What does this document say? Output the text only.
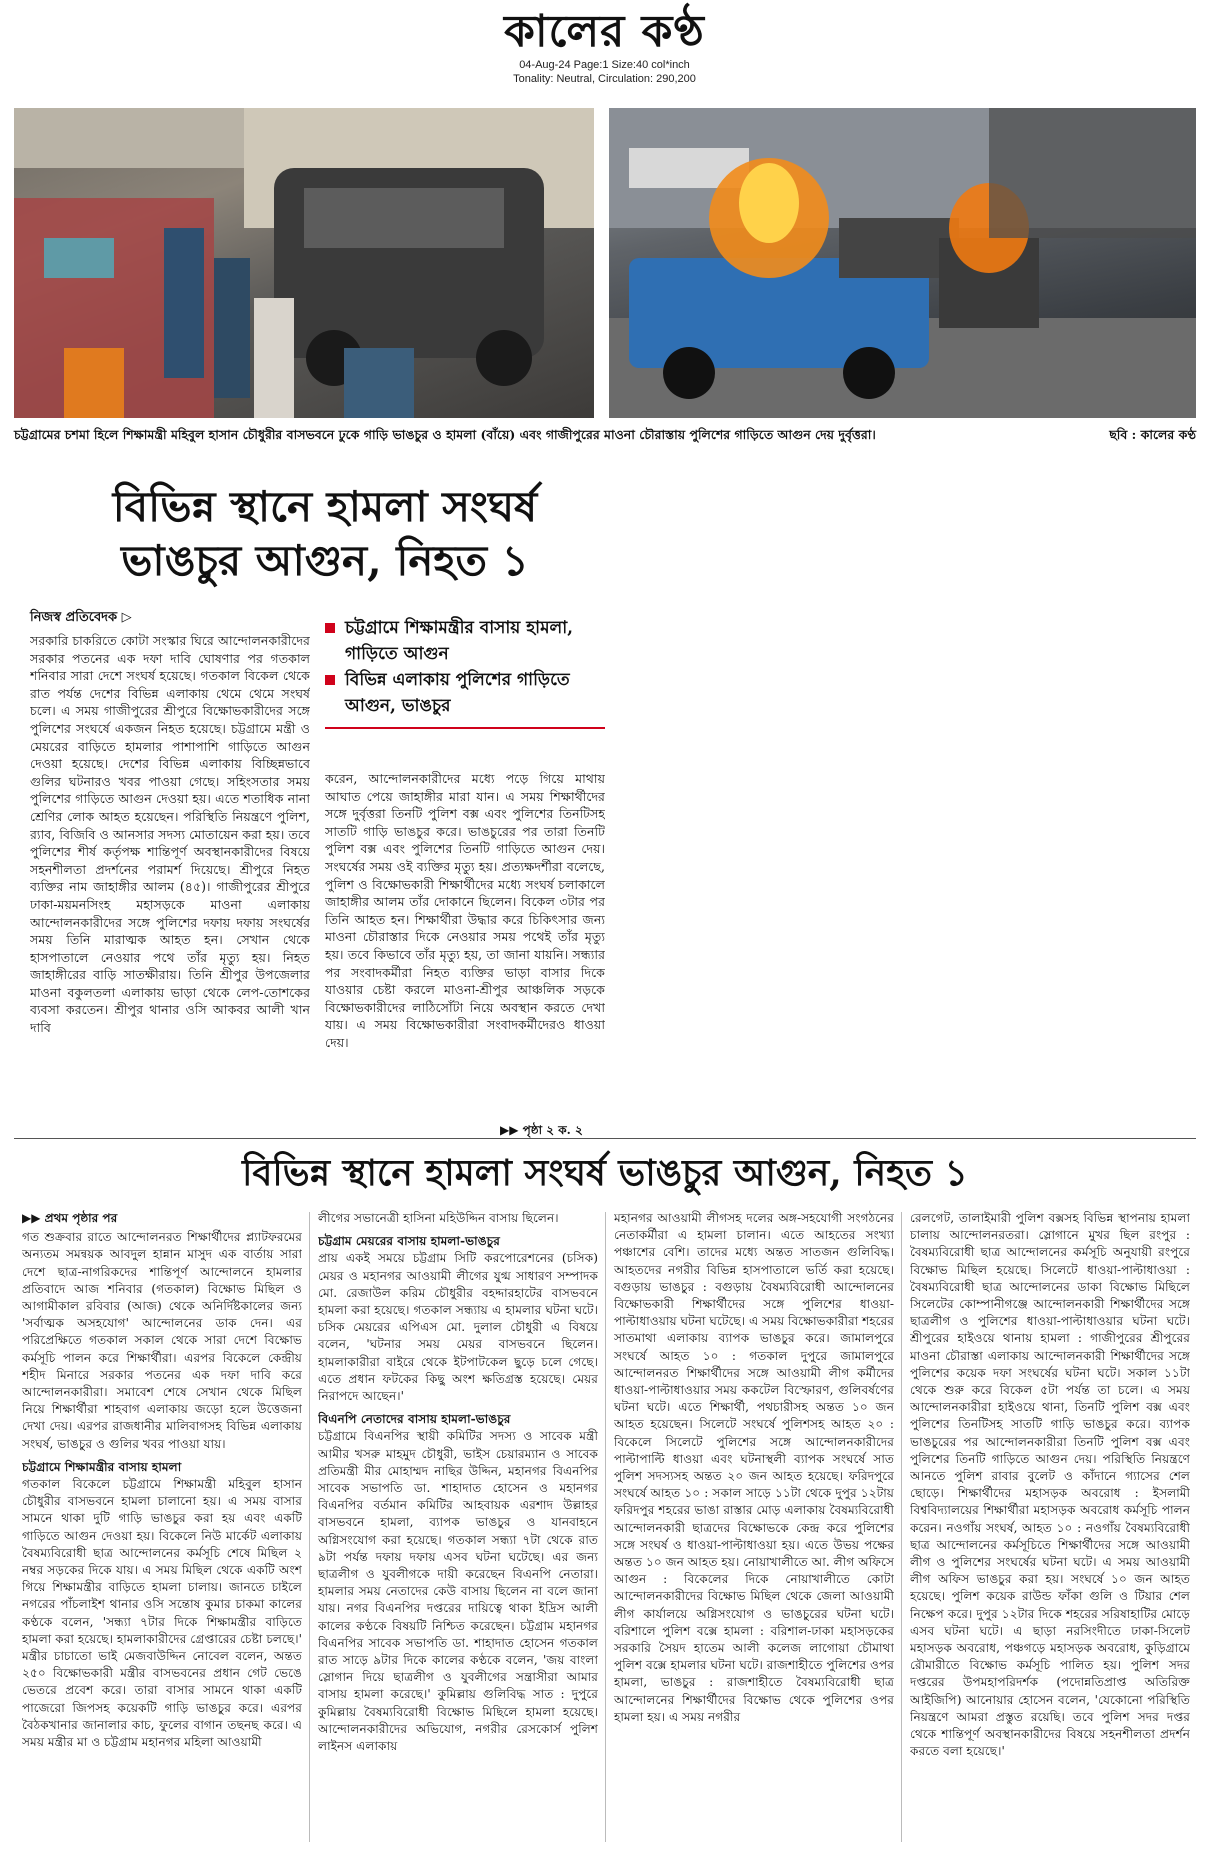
কালের কণ্ঠ
04-Aug-24 Page:1 Size:40 col*inch
Tonality: Neutral, Circulation: 290,200
চট্টগ্রামের চশমা হিলে শিক্ষামন্ত্রী মহিবুল হাসান চৌধুরীর বাসভবনে ঢুকে গাড়ি ভাঙচুর ও হামলা (বাঁয়ে) এবং গাজীপুরের মাওনা চৌরাস্তায় পুলিশের গাড়িতে আগুন দেয় দুর্বৃত্তরা।	ছবি : কালের কণ্ঠ
বিভিন্ন স্থানে হামলা সংঘর্ষ
ভাঙচুর আগুন, নিহত ১
নিজস্ব প্রতিবেদক ▷
চট্টগ্রামে শিক্ষামন্ত্রীর বাসায় হামলা, গাড়িতে আগুন
বিভিন্ন এলাকায় পুলিশের গাড়িতে আগুন, ভাঙচুর

সরকারি চাকরিতে কোটা সংস্কার ঘিরে আন্দোলনকারীদের সরকার পতনের এক দফা দাবি ঘোষণার পর গতকাল শনিবার সারা দেশে সংঘর্ষ হয়েছে। গতকাল বিকেল থেকে রাত পর্যন্ত দেশের বিভিন্ন এলাকায় থেমে থেমে সংঘর্ষ চলে। এ সময় গাজীপুরের শ্রীপুরে বিক্ষোভকারীদের সঙ্গে পুলিশের সংঘর্ষে একজন নিহত হয়েছে। চট্টগ্রামে মন্ত্রী ও মেয়রের বাড়িতে হামলার পাশাপাশি গাড়িতে আগুন দেওয়া হয়েছে। দেশের বিভিন্ন এলাকায় বিচ্ছিন্নভাবে গুলির ঘটনারও খবর পাওয়া গেছে। সহিংসতার সময় পুলিশের গাড়িতে আগুন দেওয়া হয়। এতে শতাধিক নানা শ্রেণির লোক আহত হয়েছেন। পরিস্থিতি নিয়ন্ত্রণে পুলিশ, র‍্যাব, বিজিবি ও আনসার সদস্য মোতায়েন করা হয়। তবে পুলিশের শীর্ষ কর্তৃপক্ষ শান্তিপূর্ণ অবস্থানকারীদের বিষয়ে সহনশীলতা প্রদর্শনের পরামর্শ দিয়েছে। শ্রীপুরে নিহত ব্যক্তির নাম জাহাঙ্গীর আলম (৪৫)। গাজীপুরের শ্রীপুরে ঢাকা-ময়মনসিংহ মহাসড়কে মাওনা এলাকায় আন্দোলনকারীদের সঙ্গে পুলিশের দফায় দফায় সংঘর্ষের সময় তিনি মারাত্মক আহত হন। সেখান থেকে হাসপাতালে নেওয়ার পথে তাঁর মৃত্যু হয়। নিহত জাহাঙ্গীরের বাড়ি সাতক্ষীরায়। তিনি শ্রীপুর উপজেলার মাওনা বকুলতলা এলাকায় ভাড়া থেকে লেপ-তোশকের ব্যবসা করতেন। শ্রীপুর থানার ওসি আকবর আলী খান দাবি

করেন, আন্দোলনকারীদের মধ্যে পড়ে গিয়ে মাথায় আঘাত পেয়ে জাহাঙ্গীর মারা যান। এ সময় শিক্ষার্থীদের সঙ্গে দুর্বৃত্তরা তিনটি পুলিশ বক্স এবং পুলিশের তিনটিসহ সাতটি গাড়ি ভাঙচুর করে। ভাঙচুরের পর তারা তিনটি পুলিশ বক্স এবং পুলিশের তিনটি গাড়িতে আগুন দেয়। সংঘর্ষের সময় ওই ব্যক্তির মৃত্যু হয়। প্রত্যক্ষদর্শীরা বলেছে, পুলিশ ও বিক্ষোভকারী শিক্ষার্থীদের মধ্যে সংঘর্ষ চলাকালে জাহাঙ্গীর আলম তাঁর দোকানে ছিলেন। বিকেল ৩টার পর তিনি আহত হন। শিক্ষার্থীরা উদ্ধার করে চিকিৎসার জন্য মাওনা চৌরাস্তার দিকে নেওয়ার সময় পথেই তাঁর মৃত্যু হয়। তবে কিভাবে তাঁর মৃত্যু হয়, তা জানা যায়নি। সন্ধ্যার পর সংবাদকর্মীরা নিহত ব্যক্তির ভাড়া বাসার দিকে যাওয়ার চেষ্টা করলে মাওনা-শ্রীপুর আঞ্চলিক সড়কে বিক্ষোভকারীদের লাঠিসোঁটা নিয়ে অবস্থান করতে দেখা যায়। এ সময় বিক্ষোভকারীরা সংবাদকর্মীদেরও ধাওয়া দেয়।

▶▶ পৃষ্ঠা ২ ক. ২
বিভিন্ন স্থানে হামলা সংঘর্ষ ভাঙচুর আগুন, নিহত ১
▶▶ প্রথম পৃষ্ঠার পর

গত শুক্রবার রাতে আন্দোলনরত শিক্ষার্থীদের প্ল্যাটফরমের অন্যতম সমন্বয়ক আবদুল হান্নান মাসুদ এক বার্তায় সারা দেশে ছাত্র-নাগরিকদের শান্তিপূর্ণ আন্দোলনে হামলার প্রতিবাদে আজ শনিবার (গতকাল) বিক্ষোভ মিছিল ও আগামীকাল রবিবার (আজ) থেকে অনির্দিষ্টকালের জন্য 'সর্বাত্মক অসহযোগ' আন্দোলনের ডাক দেন। এর পরিপ্রেক্ষিতে গতকাল সকাল থেকে সারা দেশে বিক্ষোভ কর্মসূচি পালন করে শিক্ষার্থীরা। এরপর বিকেলে কেন্দ্রীয় শহীদ মিনারে সরকার পতনের এক দফা দাবি করে আন্দোলনকারীরা। সমাবেশ শেষে সেখান থেকে মিছিল নিয়ে শিক্ষার্থীরা শাহবাগ এলাকায় জড়ো হলে উত্তেজনা দেখা দেয়। এরপর রাজধানীর মালিবাগসহ বিভিন্ন এলাকায় সংঘর্ষ, ভাঙচুর ও গুলির খবর পাওয়া যায়।

চট্টগ্রামে শিক্ষামন্ত্রীর বাসায় হামলা

গতকাল বিকেলে চট্টগ্রামে শিক্ষামন্ত্রী মহিবুল হাসান চৌধুরীর বাসভবনে হামলা চালানো হয়। এ সময় বাসার সামনে থাকা দুটি গাড়ি ভাঙচুর করা হয় এবং একটি গাড়িতে আগুন দেওয়া হয়। বিকেলে নিউ মার্কেট এলাকায় বৈষম্যবিরোধী ছাত্র আন্দোলনের কর্মসূচি শেষে মিছিল ২ নম্বর সড়কের দিকে যায়। এ সময় মিছিল থেকে একটি অংশ গিয়ে শিক্ষামন্ত্রীর বাড়িতে হামলা চালায়। জানতে চাইলে নগরের পাঁচলাইশ থানার ওসি সন্তোষ কুমার চাকমা কালের কণ্ঠকে বলেন, 'সন্ধ্যা ৭টার দিকে শিক্ষামন্ত্রীর বাড়িতে হামলা করা হয়েছে। হামলাকারীদের গ্রেপ্তারের চেষ্টা চলছে।' মন্ত্রীর চাচাতো ভাই মেজবাউদ্দিন নোবেল বলেন, অন্তত ২৫০ বিক্ষোভকারী মন্ত্রীর বাসভবনের প্রধান গেট ভেঙে ভেতরে প্রবেশ করে। তারা বাসার সামনে থাকা একটি পাজেরো জিপসহ কয়েকটি গাড়ি ভাঙচুর করে। এরপর বৈঠকখানার জানালার কাচ, ফুলের বাগান তছনছ করে। এ সময় মন্ত্রীর মা ও চট্টগ্রাম মহানগর মহিলা আওয়ামী

লীগের সভানেত্রী হাসিনা মহিউদ্দিন বাসায় ছিলেন।

চট্টগ্রাম মেয়রের বাসায় হামলা-ভাঙচুর

প্রায় একই সময়ে চট্টগ্রাম সিটি করপোরেশনের (চসিক) মেয়র ও মহানগর আওয়ামী লীগের যুগ্ম সাধারণ সম্পাদক মো. রেজাউল করিম চৌধুরীর বহদ্দারহাটের বাসভবনে হামলা করা হয়েছে। গতকাল সন্ধ্যায় এ হামলার ঘটনা ঘটে। চসিক মেয়রের এপিএস মো. দুলাল চৌধুরী এ বিষয়ে বলেন, 'ঘটনার সময় মেয়র বাসভবনে ছিলেন। হামলাকারীরা বাইরে থেকে ইটপাটকেল ছুড়ে চলে গেছে। এতে প্রধান ফটকের কিছু অংশ ক্ষতিগ্রস্ত হয়েছে। মেয়র নিরাপদে আছেন।'

বিএনপি নেতাদের বাসায় হামলা-ভাঙচুর

চট্টগ্রামে বিএনপির স্থায়ী কমিটির সদস্য ও সাবেক মন্ত্রী আমীর খসরু মাহমুদ চৌধুরী, ভাইস চেয়ারম্যান ও সাবেক প্রতিমন্ত্রী মীর মোহাম্মদ নাছির উদ্দিন, মহানগর বিএনপির সাবেক সভাপতি ডা. শাহাদাত হোসেন ও মহানগর বিএনপির বর্তমান কমিটির আহবায়ক এরশাদ উল্লাহর বাসভবনে হামলা, ব্যাপক ভাঙচুর ও যানবাহনে অগ্নিসংযোগ করা হয়েছে। গতকাল সন্ধ্যা ৭টা থেকে রাত ৯টা পর্যন্ত দফায় দফায় এসব ঘটনা ঘটেছে। এর জন্য ছাত্রলীগ ও যুবলীগকে দায়ী করেছেন বিএনপি নেতারা। হামলার সময় নেতাদের কেউ বাসায় ছিলেন না বলে জানা যায়। নগর বিএনপির দপ্তরের দায়িত্বে থাকা ইদ্রিস আলী কালের কণ্ঠকে বিষয়টি নিশ্চিত করেছেন। চট্টগ্রাম মহানগর বিএনপির সাবেক সভাপতি ডা. শাহাদাত হোসেন গতকাল রাত সাড়ে ৯টার দিকে কালের কণ্ঠকে বলেন, 'জয় বাংলা স্লোগান দিয়ে ছাত্রলীগ ও যুবলীগের সন্ত্রাসীরা আমার বাসায় হামলা করেছে।' কুমিল্লায় গুলিবিদ্ধ সাত : দুপুরে কুমিল্লায় বৈষম্যবিরোধী বিক্ষোভ মিছিলে হামলা হয়েছে। আন্দোলনকারীদের অভিযোগ, নগরীর রেসকোর্স পুলিশ লাইনস এলাকায়

মহানগর আওয়ামী লীগসহ দলের অঙ্গ-সহযোগী সংগঠনের নেতাকর্মীরা এ হামলা চালান। এতে আহতের সংখ্যা পঞ্চাশের বেশি। তাদের মধ্যে অন্তত সাতজন গুলিবিদ্ধ। আহতদের নগরীর বিভিন্ন হাসপাতালে ভর্তি করা হয়েছে। বগুড়ায় ভাঙচুর : বগুড়ায় বৈষম্যবিরোধী আন্দোলনের বিক্ষোভকারী শিক্ষার্থীদের সঙ্গে পুলিশের ধাওয়া-পাল্টাধাওয়ায় ঘটনা ঘটেছে। এ সময় বিক্ষোভকারীরা শহরের সাতমাথা এলাকায় ব্যাপক ভাঙচুর করে। জামালপুরে সংঘর্ষে আহত ১০ : গতকাল দুপুরে জামালপুরে আন্দোলনরত শিক্ষার্থীদের সঙ্গে আওয়ামী লীগ কর্মীদের ধাওয়া-পাল্টাধাওয়ার সময় ককটেল বিস্ফোরণ, গুলিবর্ষণের ঘটনা ঘটে। এতে শিক্ষার্থী, পথচারীসহ অন্তত ১০ জন আহত হয়েছেন। সিলেটে সংঘর্ষে পুলিশসহ আহত ২০ : বিকেলে সিলেটে পুলিশের সঙ্গে আন্দোলনকারীদের পাল্টাপাল্টি ধাওয়া এবং ঘটনাস্থলী ব্যাপক সংঘর্ষে সাত পুলিশ সদস্যসহ অন্তত ২০ জন আহত হয়েছে। ফরিদপুরে সংঘর্ষে আহত ১০ : সকাল সাড়ে ১১টা থেকে দুপুর ১২টায় ফরিদপুর শহরের ভাঙা রাস্তার মোড় এলাকায় বৈষম্যবিরোধী আন্দোলনকারী ছাত্রদের বিক্ষোভকে কেন্দ্র করে পুলিশের সঙ্গে সংঘর্ষ ও ধাওয়া-পাল্টাধাওয়া হয়। এতে উভয় পক্ষের অন্তত ১০ জন আহত হয়। নোয়াখালীতে আ. লীগ অফিসে আগুন : বিকেলের দিকে নোয়াখালীতে কোটা আন্দোলনকারীদের বিক্ষোভ মিছিল থেকে জেলা আওয়ামী লীগ কার্যালয়ে অগ্নিসংযোগ ও ভাঙচুরের ঘটনা ঘটে। বরিশালে পুলিশ বক্সে হামলা : বরিশাল-ঢাকা মহাসড়কের সরকারি সৈয়দ হাতেম আলী কলেজ লাগোয়া চৌমাথা পুলিশ বক্সে হামলার ঘটনা ঘটে। রাজশাহীতে পুলিশের ওপর হামলা, ভাঙচুর : রাজশাহীতে বৈষম্যবিরোধী ছাত্র আন্দোলনের শিক্ষার্থীদের বিক্ষোভ থেকে পুলিশের ওপর হামলা হয়। এ সময় নগরীর

রেলগেট, তালাইমারী পুলিশ বক্সসহ বিভিন্ন স্থাপনায় হামলা চালায় আন্দোলনরতরা। স্লোগানে মুখর ছিল রংপুর : বৈষম্যবিরোধী ছাত্র আন্দোলনের কর্মসূচি অনুযায়ী রংপুরে বিক্ষোভ মিছিল হয়েছে। সিলেটে ধাওয়া-পাল্টাধাওয়া : বৈষম্যবিরোধী ছাত্র আন্দোলনের ডাকা বিক্ষোভ মিছিলে সিলেটের কোম্পানীগঞ্জে আন্দোলনকারী শিক্ষার্থীদের সঙ্গে ছাত্রলীগ ও পুলিশের ধাওয়া-পাল্টাধাওয়ার ঘটনা ঘটে। শ্রীপুরের হাইওয়ে থানায় হামলা : গাজীপুরের শ্রীপুরের মাওনা চৌরাস্তা এলাকায় আন্দোলনকারী শিক্ষার্থীদের সঙ্গে পুলিশের কয়েক দফা সংঘর্ষের ঘটনা ঘটে। সকাল ১১টা থেকে শুরু করে বিকেল ৫টা পর্যন্ত তা চলে। এ সময় আন্দোলনকারীরা হাইওয়ে থানা, তিনটি পুলিশ বক্স এবং পুলিশের তিনটিসহ সাতটি গাড়ি ভাঙচুর করে। ব্যাপক ভাঙচুরের পর আন্দোলনকারীরা তিনটি পুলিশ বক্স এবং পুলিশের তিনটি গাড়িতে আগুন দেয়। পরিস্থিতি নিয়ন্ত্রণে আনতে পুলিশ রাবার বুলেট ও কাঁদানে গ্যাসের শেল ছোড়ে। শিক্ষার্থীদের মহাসড়ক অবরোধ : ইসলামী বিশ্ববিদ্যালয়ের শিক্ষার্থীরা মহাসড়ক অবরোধ কর্মসূচি পালন করেন। নওগাঁয় সংঘর্ষ, আহত ১০ : নওগাঁয় বৈষম্যবিরোধী ছাত্র আন্দোলনের কর্মসূচিতে শিক্ষার্থীদের সঙ্গে আওয়ামী লীগ ও পুলিশের সংঘর্ষের ঘটনা ঘটে। এ সময় আওয়ামী লীগ অফিস ভাঙচুর করা হয়। সংঘর্ষে ১০ জন আহত হয়েছে। পুলিশ কয়েক রাউন্ড ফাঁকা গুলি ও টিয়ার শেল নিক্ষেপ করে। দুপুর ১২টার দিকে শহরের সরিষাহাটির মোড়ে এসব ঘটনা ঘটে। এ ছাড়া নরসিংদীতে ঢাকা-সিলেট মহাসড়ক অবরোধ, পঞ্চগড়ে মহাসড়ক অবরোধ, কুড়িগ্রামে রৌমারীতে বিক্ষোভ কর্মসূচি পালিত হয়। পুলিশ সদর দপ্তরের উপমহাপরিদর্শক (পদোন্নতিপ্রাপ্ত অতিরিক্ত আইজিপি) আনোয়ার হোসেন বলেন, 'যেকোনো পরিস্থিতি নিয়ন্ত্রণে আমরা প্রস্তুত রয়েছি। তবে পুলিশ সদর দপ্তর থেকে শান্তিপূর্ণ অবস্থানকারীদের বিষয়ে সহনশীলতা প্রদর্শন করতে বলা হয়েছে।'
